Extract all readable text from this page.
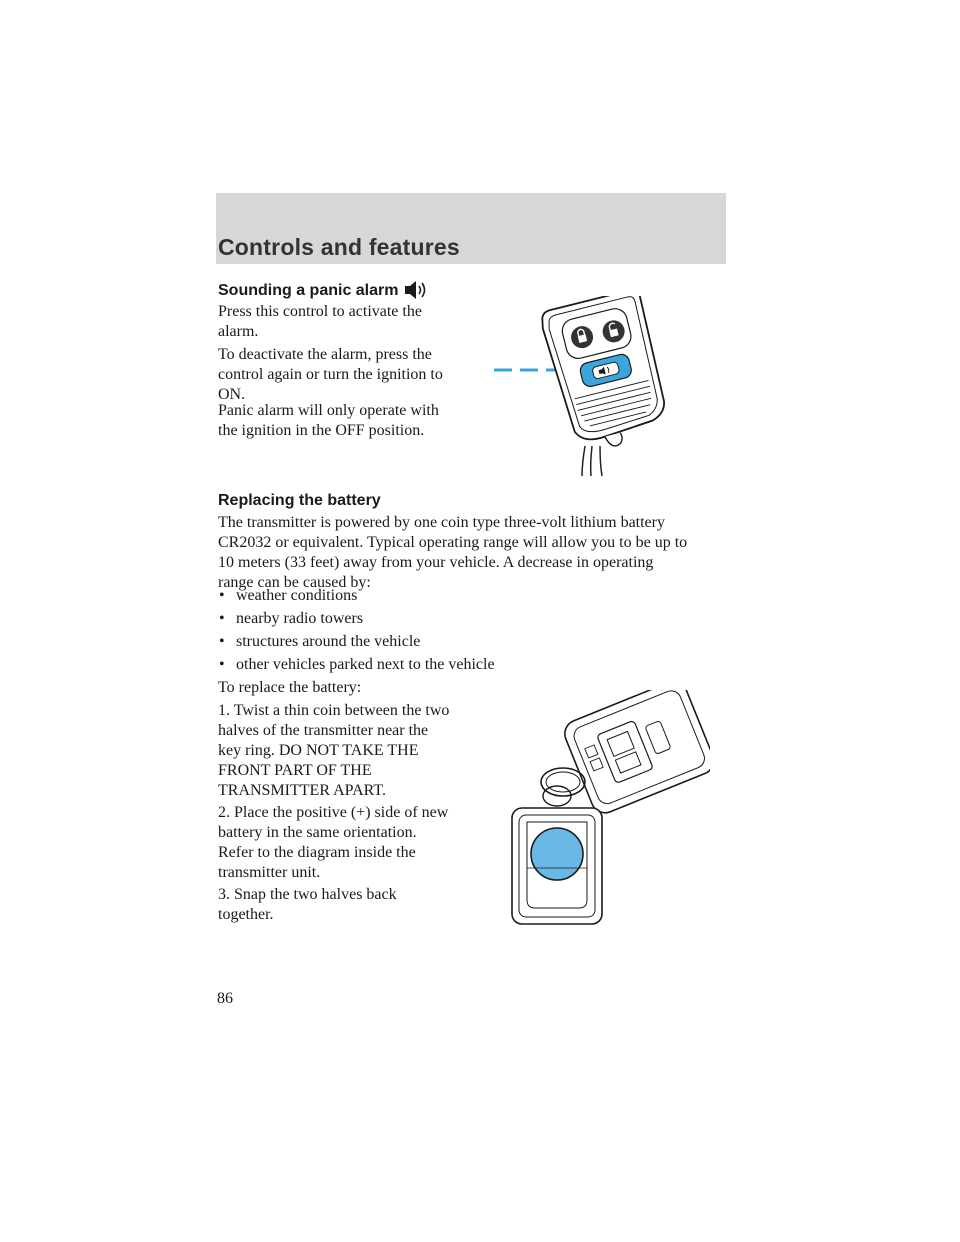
Controls and features
Sounding a panic alarm
Press this control to activate the
alarm.
To deactivate the alarm, press the
control again or turn the ignition to
ON.
Panic alarm will only operate with
the ignition in the OFF position.
Replacing the battery
The transmitter is powered by one coin type three-volt lithium battery
CR2032 or equivalent. Typical operating range will allow you to be up to
10 meters (33 feet) away from your vehicle. A decrease in operating
range can be caused by:
• weather conditions
• nearby radio towers
• structures around the vehicle
• other vehicles parked next to the vehicle
To replace the battery:
1. Twist a thin coin between the two
halves of the transmitter near the
key ring. DO NOT TAKE THE
FRONT PART OF THE
TRANSMITTER APART.
2. Place the positive (+) side of new
battery in the same orientation.
Refer to the diagram inside the
transmitter unit.
3. Snap the two halves back
together.
86
